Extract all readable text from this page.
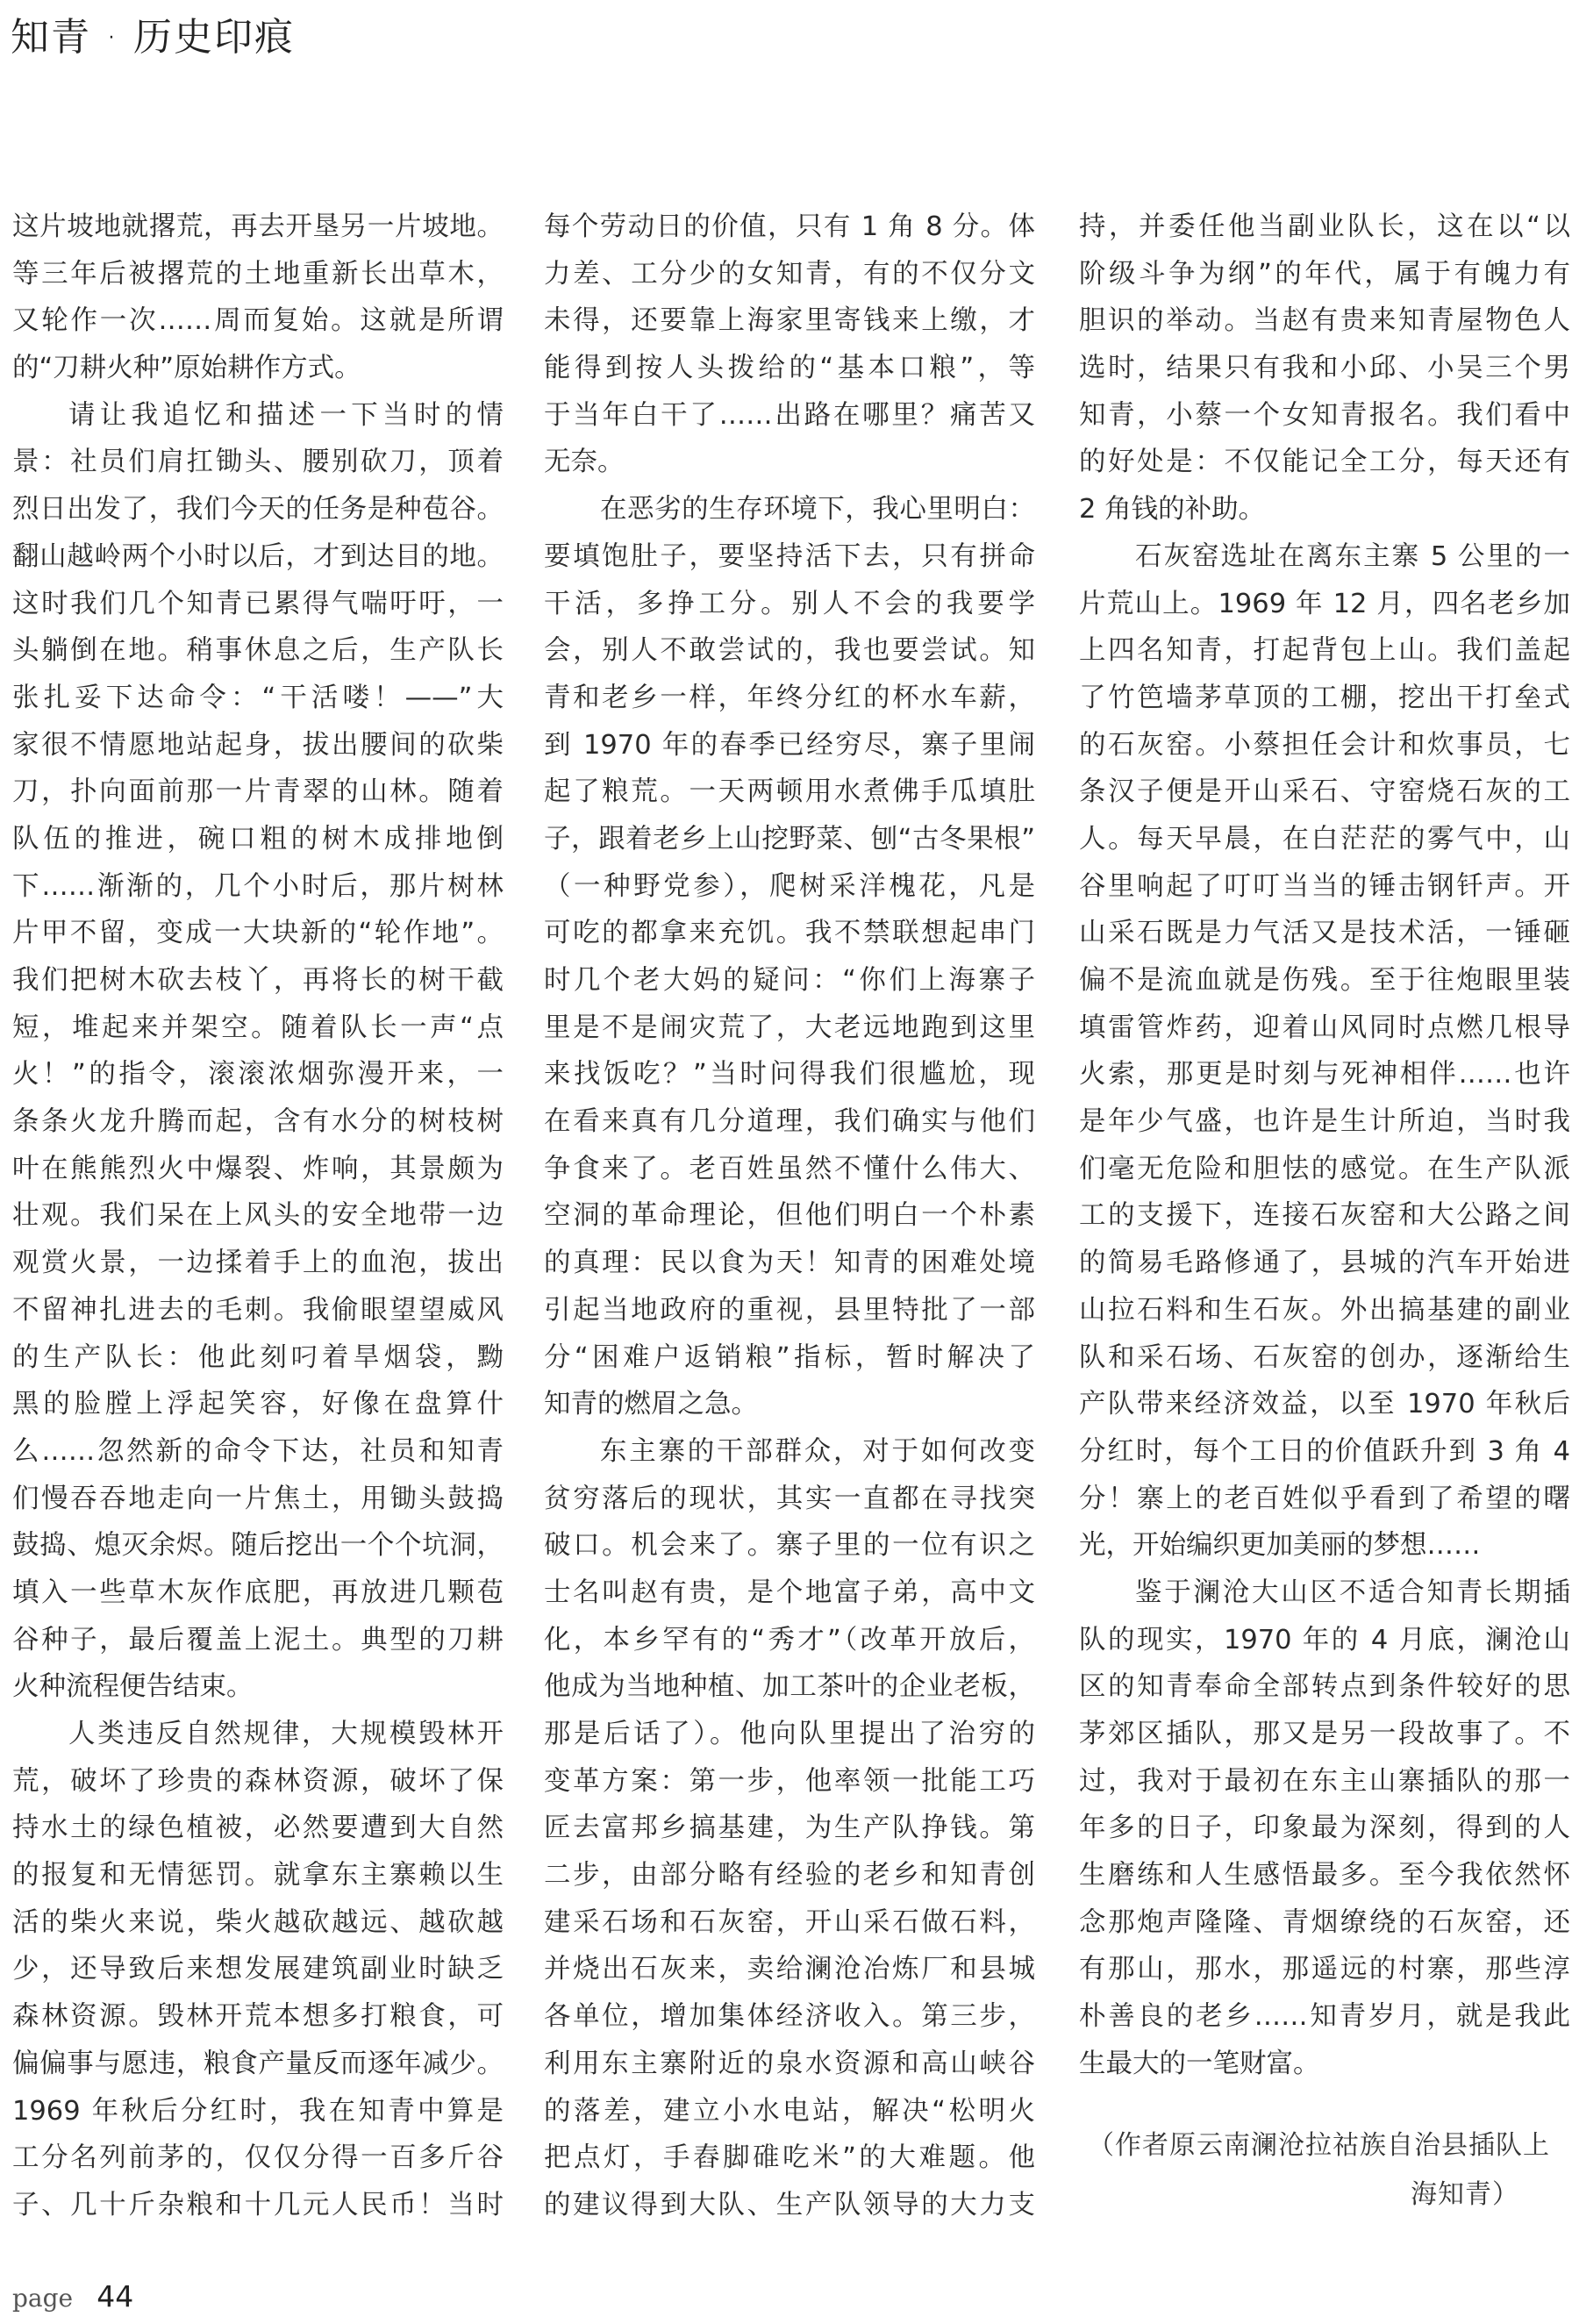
知青 · 历史印痕
这片坡地就撂荒，再去开垦另一片坡地。
等三年后被撂荒的土地重新长出草木，
又轮作一次……周而复始。这就是所谓
的“刀耕火种”原始耕作方式。
请让我追忆和描述一下当时的情
景：社员们肩扛锄头、腰别砍刀，顶着
烈日出发了，我们今天的任务是种苞谷。
翻山越岭两个小时以后，才到达目的地。
这时我们几个知青已累得气喘吁吁，一
头躺倒在地。稍事休息之后，生产队长
张扎妥下达命令：“干活喽！——”大
家很不情愿地站起身，拔出腰间的砍柴
刀，扑向面前那一片青翠的山林。随着
队伍的推进，碗口粗的树木成排地倒
下……渐渐的，几个小时后，那片树林
片甲不留，变成一大块新的“轮作地”。
我们把树木砍去枝丫，再将长的树干截
短，堆起来并架空。随着队长一声“点
火！”的指令，滚滚浓烟弥漫开来，一
条条火龙升腾而起，含有水分的树枝树
叶在熊熊烈火中爆裂、炸响，其景颇为
壮观。我们呆在上风头的安全地带一边
观赏火景，一边揉着手上的血泡，拔出
不留神扎进去的毛刺。我偷眼望望威风
的生产队长：他此刻叼着旱烟袋，黝
黑的脸膛上浮起笑容，好像在盘算什
么……忽然新的命令下达，社员和知青
们慢吞吞地走向一片焦土，用锄头鼓捣
鼓捣、熄灭余烬。随后挖出一个个坑洞，
填入一些草木灰作底肥，再放进几颗苞
谷种子，最后覆盖上泥土。典型的刀耕
火种流程便告结束。
人类违反自然规律，大规模毁林开
荒，破坏了珍贵的森林资源，破坏了保
持水土的绿色植被，必然要遭到大自然
的报复和无情惩罚。就拿东主寨赖以生
活的柴火来说，柴火越砍越远、越砍越
少，还导致后来想发展建筑副业时缺乏
森林资源。毁林开荒本想多打粮食，可
偏偏事与愿违，粮食产量反而逐年减少。
1969 年秋后分红时，我在知青中算是
工分名列前茅的，仅仅分得一百多斤谷
子、几十斤杂粮和十几元人民币！当时
每个劳动日的价值，只有 1 角 8 分。体
力差、工分少的女知青，有的不仅分文
未得，还要靠上海家里寄钱来上缴，才
能得到按人头拨给的“基本口粮”，等
于当年白干了……出路在哪里？痛苦又
无奈。
在恶劣的生存环境下，我心里明白：
要填饱肚子，要坚持活下去，只有拼命
干活，多挣工分。别人不会的我要学
会，别人不敢尝试的，我也要尝试。知
青和老乡一样，年终分红的杯水车薪，
到 1970 年的春季已经穷尽，寨子里闹
起了粮荒。一天两顿用水煮佛手瓜填肚
子，跟着老乡上山挖野菜、刨“古冬果根”
（一种野党参），爬树采洋槐花，凡是
可吃的都拿来充饥。我不禁联想起串门
时几个老大妈的疑问：“你们上海寨子
里是不是闹灾荒了，大老远地跑到这里
来找饭吃？”当时问得我们很尴尬，现
在看来真有几分道理，我们确实与他们
争食来了。老百姓虽然不懂什么伟大、
空洞的革命理论，但他们明白一个朴素
的真理：民以食为天！知青的困难处境
引起当地政府的重视，县里特批了一部
分“困难户返销粮”指标，暂时解决了
知青的燃眉之急。
东主寨的干部群众，对于如何改变
贫穷落后的现状，其实一直都在寻找突
破口。机会来了。寨子里的一位有识之
士名叫赵有贵，是个地富子弟，高中文
化，本乡罕有的“秀才”（改革开放后，
他成为当地种植、加工茶叶的企业老板，
那是后话了）。他向队里提出了治穷的
变革方案：第一步，他率领一批能工巧
匠去富邦乡搞基建，为生产队挣钱。第
二步，由部分略有经验的老乡和知青创
建采石场和石灰窑，开山采石做石料，
并烧出石灰来，卖给澜沧冶炼厂和县城
各单位，增加集体经济收入。第三步，
利用东主寨附近的泉水资源和高山峡谷
的落差，建立小水电站，解决“松明火
把点灯，手舂脚碓吃米”的大难题。他
的建议得到大队、生产队领导的大力支
持，并委任他当副业队长，这在以“以
阶级斗争为纲”的年代，属于有魄力有
胆识的举动。当赵有贵来知青屋物色人
选时，结果只有我和小邱、小吴三个男
知青，小蔡一个女知青报名。我们看中
的好处是：不仅能记全工分，每天还有
2 角钱的补助。
石灰窑选址在离东主寨 5 公里的一
片荒山上。1969 年 12 月，四名老乡加
上四名知青，打起背包上山。我们盖起
了竹笆墙茅草顶的工棚，挖出干打垒式
的石灰窑。小蔡担任会计和炊事员，七
条汉子便是开山采石、守窑烧石灰的工
人。每天早晨，在白茫茫的雾气中，山
谷里响起了叮叮当当的锤击钢钎声。开
山采石既是力气活又是技术活，一锤砸
偏不是流血就是伤残。至于往炮眼里装
填雷管炸药，迎着山风同时点燃几根导
火索，那更是时刻与死神相伴……也许
是年少气盛，也许是生计所迫，当时我
们毫无危险和胆怯的感觉。在生产队派
工的支援下，连接石灰窑和大公路之间
的简易毛路修通了，县城的汽车开始进
山拉石料和生石灰。外出搞基建的副业
队和采石场、石灰窑的创办，逐渐给生
产队带来经济效益，以至 1970 年秋后
分红时，每个工日的价值跃升到 3 角 4
分！寨上的老百姓似乎看到了希望的曙
光，开始编织更加美丽的梦想……
鉴于澜沧大山区不适合知青长期插
队的现实，1970 年的 4 月底，澜沧山
区的知青奉命全部转点到条件较好的思
茅郊区插队，那又是另一段故事了。不
过，我对于最初在东主山寨插队的那一
年多的日子，印象最为深刻，得到的人
生磨练和人生感悟最多。至今我依然怀
念那炮声隆隆、青烟缭绕的石灰窑，还
有那山，那水，那遥远的村寨，那些淳
朴善良的老乡……知青岁月，就是我此
生最大的一笔财富。
（作者原云南澜沧拉祜族自治县插队上
海知青）
page 44
